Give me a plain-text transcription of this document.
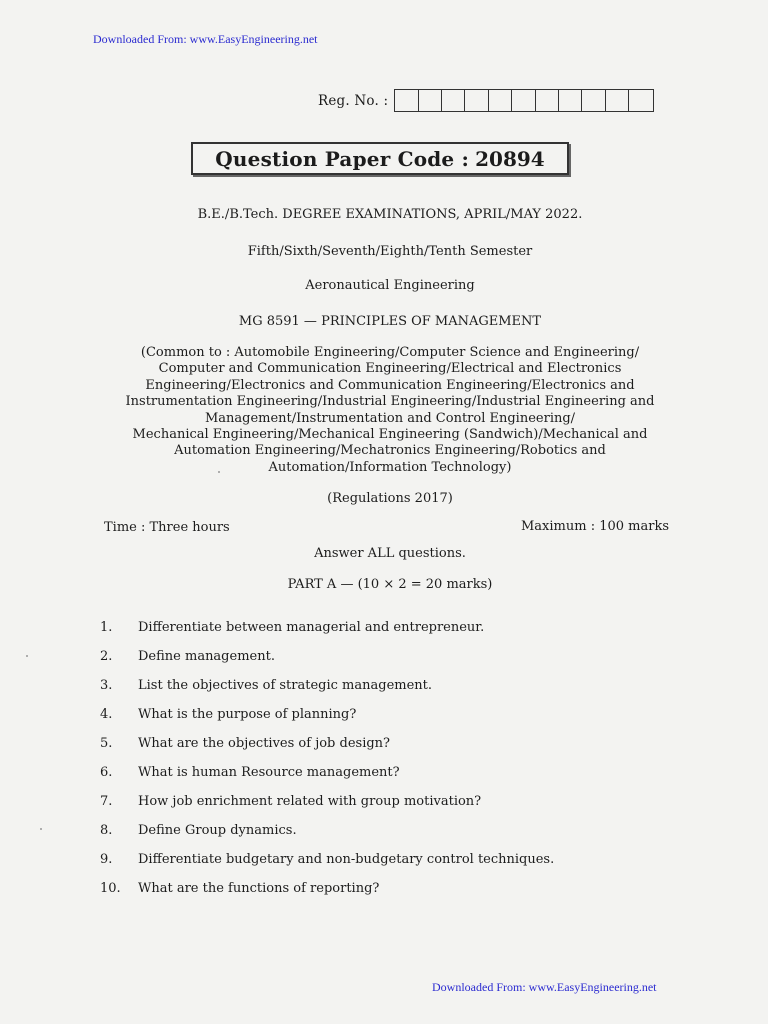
Downloaded From: www.EasyEngineering.net
Reg. No. :
Question Paper Code : 20894
B.E./B.Tech. DEGREE EXAMINATIONS, APRIL/MAY 2022.
Fifth/Sixth/Seventh/Eighth/Tenth Semester
Aeronautical Engineering
MG 8591 — PRINCIPLES OF MANAGEMENT
(Common to : Automobile Engineering/Computer Science and Engineering/
Computer and Communication Engineering/Electrical and Electronics
Engineering/Electronics and Communication Engineering/Electronics and
Instrumentation Engineering/Industrial Engineering/Industrial Engineering and
Management/Instrumentation and Control Engineering/
Mechanical Engineering/Mechanical Engineering (Sandwich)/Mechanical and
Automation Engineering/Mechatronics Engineering/Robotics and
Automation/Information Technology)
(Regulations 2017)
Time : Three hours	Maximum : 100 marks
Answer ALL questions.
PART A — (10 × 2 = 20 marks)
1.	Differentiate between managerial and entrepreneur.
2.	Define management.
3.	List the objectives of strategic management.
4.	What is the purpose of planning?
5.	What are the objectives of job design?
6.	What is human Resource management?
7.	How job enrichment related with group motivation?
8.	Define Group dynamics.
9.	Differentiate budgetary and non-budgetary control techniques.
10.	What are the functions of reporting?
Downloaded From: www.EasyEngineering.net
